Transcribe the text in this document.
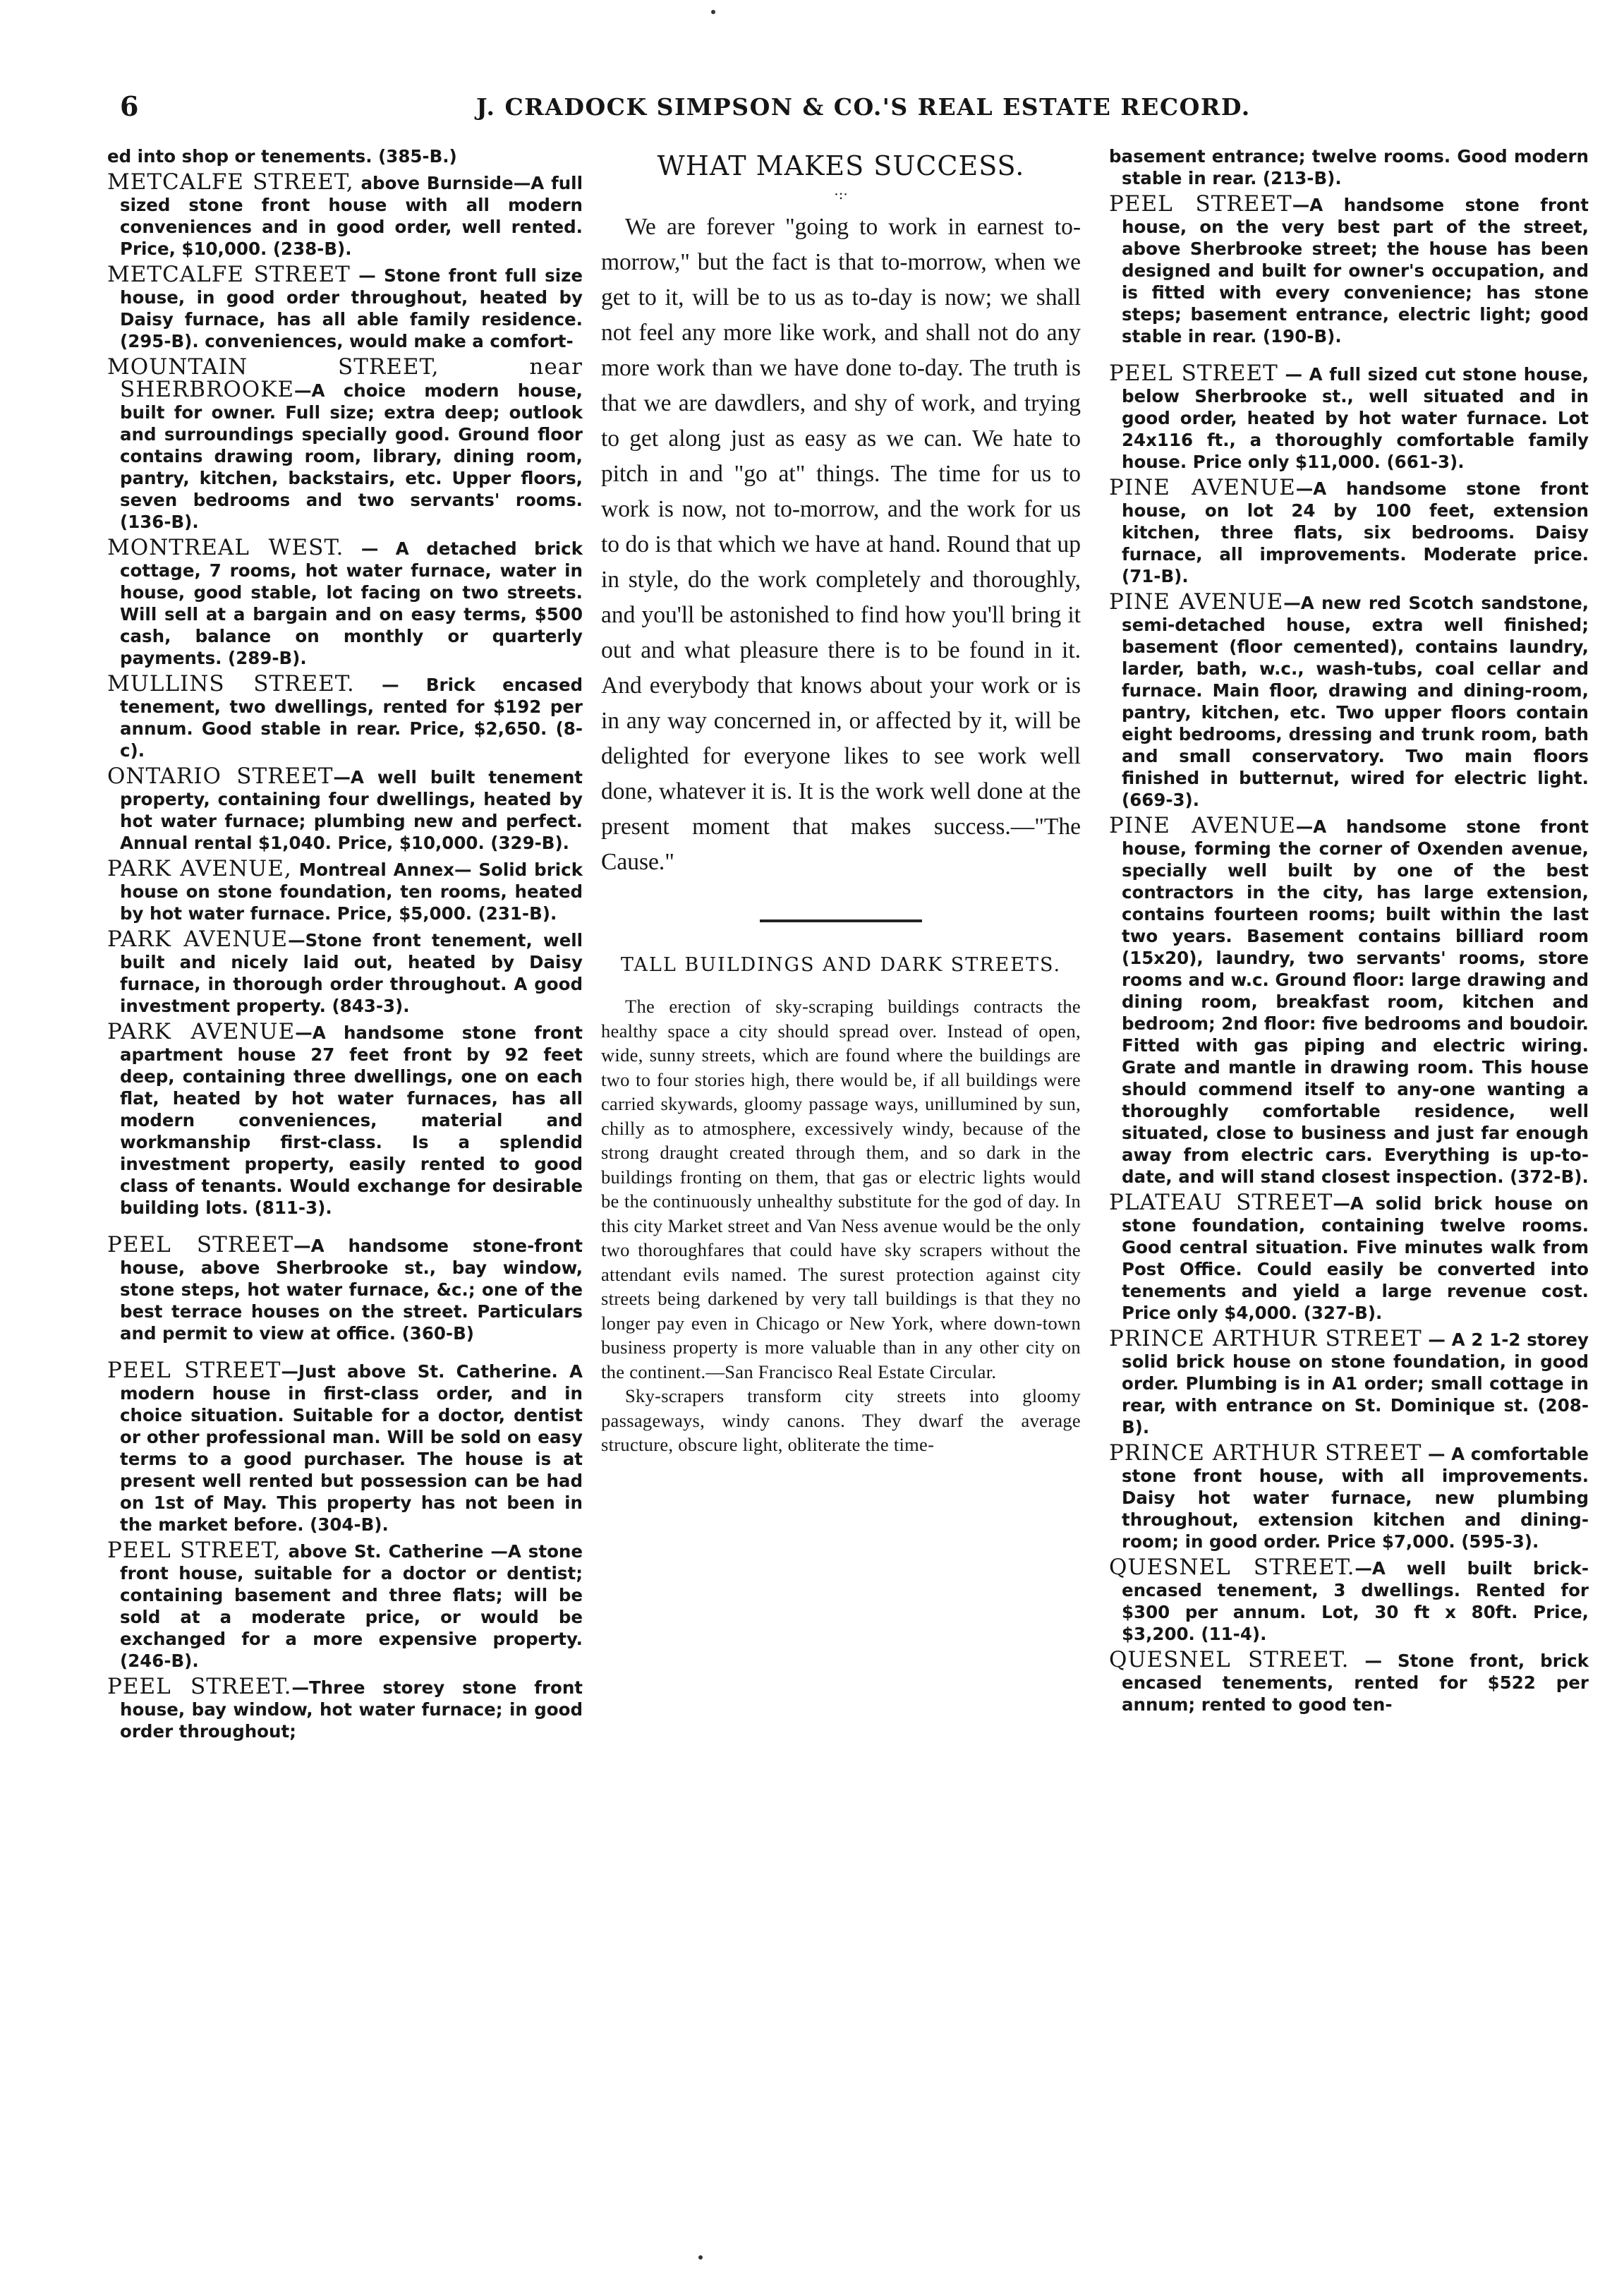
6	J. CRADOCK SIMPSON & CO.'S REAL ESTATE RECORD.

ed into shop or tenements. (385-B.)

METCALFE STREET, above Burnside—A full sized stone front house with all modern conveniences and in good order, well rented. Price, $10,000. (238-B).

METCALFE STREET — Stone front full size house, in good order throughout, heated by Daisy furnace, has all able family residence. (295-B). conveniences, would make a comfort-

MOUNTAIN STREET, near SHERBROOKE—A choice modern house, built for owner. Full size; extra deep; outlook and surroundings specially good. Ground floor contains drawing room, library, dining room, pantry, kitchen, backstairs, etc. Upper floors, seven bedrooms and two servants' rooms. (136-B).

MONTREAL WEST. — A detached brick cottage, 7 rooms, hot water furnace, water in house, good stable, lot facing on two streets. Will sell at a bargain and on easy terms, $500 cash, balance on monthly or quarterly payments. (289-B).

MULLINS STREET. — Brick encased tenement, two dwellings, rented for $192 per annum. Good stable in rear. Price, $2,650. (8-c).

ONTARIO STREET—A well built tenement property, containing four dwellings, heated by hot water furnace; plumbing new and perfect. Annual rental $1,040. Price, $10,000. (329-B).

PARK AVENUE, Montreal Annex— Solid brick house on stone foundation, ten rooms, heated by hot water furnace. Price, $5,000. (231-B).

PARK AVENUE—Stone front tenement, well built and nicely laid out, heated by Daisy furnace, in thorough order throughout. A good investment property. (843-3).

PARK AVENUE—A handsome stone front apartment house 27 feet front by 92 feet deep, containing three dwellings, one on each flat, heated by hot water furnaces, has all modern conveniences, material and workmanship first-class. Is a splendid investment property, easily rented to good class of tenants. Would exchange for desirable building lots. (811-3).

PEEL STREET—A handsome stone-front house, above Sherbrooke st., bay window, stone steps, hot water furnace, &c.; one of the best terrace houses on the street. Particulars and permit to view at office. (360-B)

PEEL STREET—Just above St. Catherine. A modern house in first-class order, and in choice situation. Suitable for a doctor, dentist or other professional man. Will be sold on easy terms to a good purchaser. The house is at present well rented but possession can be had on 1st of May. This property has not been in the market before. (304-B).

PEEL STREET, above St. Catherine —A stone front house, suitable for a doctor or dentist; containing basement and three flats; will be sold at a moderate price, or would be exchanged for a more expensive property. (246-B).

PEEL STREET.—Three storey stone front house, bay window, hot water furnace; in good order throughout;

WHAT MAKES SUCCESS.
·:·

We are forever "going to work in earnest to-morrow," but the fact is that to-morrow, when we get to it, will be to us as to-day is now; we shall not feel any more like work, and shall not do any more work than we have done to-day. The truth is that we are dawdlers, and shy of work, and trying to get along just as easy as we can. We hate to pitch in and "go at" things. The time for us to work is now, not to-morrow, and the work for us to do is that which we have at hand. Round that up in style, do the work completely and thoroughly, and you'll be astonished to find how you'll bring it out and what pleasure there is to be found in it. And everybody that knows about your work or is in any way concerned in, or affected by it, will be delighted for everyone likes to see work well done, whatever it is. It is the work well done at the present moment that makes success.—"The Cause."

TALL BUILDINGS AND DARK STREETS.

The erection of sky-scraping buildings contracts the healthy space a city should spread over. Instead of open, wide, sunny streets, which are found where the buildings are two to four stories high, there would be, if all buildings were carried skywards, gloomy passage ways, unillumined by sun, chilly as to atmosphere, excessively windy, because of the strong draught created through them, and so dark in the buildings fronting on them, that gas or electric lights would be the continuously unhealthy substitute for the god of day. In this city Market street and Van Ness avenue would be the only two thoroughfares that could have sky scrapers without the attendant evils named. The surest protection against city streets being darkened by very tall buildings is that they no longer pay even in Chicago or New York, where down-town business property is more valuable than in any other city on the continent.—San Francisco Real Estate Circular.

Sky-scrapers transform city streets into gloomy passageways, windy canons. They dwarf the average structure, obscure light, obliterate the time-

basement entrance; twelve rooms. Good modern stable in rear. (213-B).

PEEL STREET—A handsome stone front house, on the very best part of the street, above Sherbrooke street; the house has been designed and built for owner's occupation, and is fitted with every convenience; has stone steps; basement entrance, electric light; good stable in rear. (190-B).

PEEL STREET — A full sized cut stone house, below Sherbrooke st., well situated and in good order, heated by hot water furnace. Lot 24x116 ft., a thoroughly comfortable family house. Price only $11,000. (661-3).

PINE AVENUE—A handsome stone front house, on lot 24 by 100 feet, extension kitchen, three flats, six bedrooms. Daisy furnace, all improvements. Moderate price. (71-B).

PINE AVENUE—A new red Scotch sandstone, semi-detached house, extra well finished; basement (floor cemented), contains laundry, larder, bath, w.c., wash-tubs, coal cellar and furnace. Main floor, drawing and dining-room, pantry, kitchen, etc. Two upper floors contain eight bedrooms, dressing and trunk room, bath and small conservatory. Two main floors finished in butternut, wired for electric light. (669-3).

PINE AVENUE—A handsome stone front house, forming the corner of Oxenden avenue, specially well built by one of the best contractors in the city, has large extension, contains fourteen rooms; built within the last two years. Basement contains billiard room (15x20), laundry, two servants' rooms, store rooms and w.c. Ground floor: large drawing and dining room, breakfast room, kitchen and bedroom; 2nd floor: five bedrooms and boudoir. Fitted with gas piping and electric wiring. Grate and mantle in drawing room. This house should commend itself to any-one wanting a thoroughly comfortable residence, well situated, close to business and just far enough away from electric cars. Everything is up-to-date, and will stand closest inspection. (372-B).

PLATEAU STREET—A solid brick house on stone foundation, containing twelve rooms. Good central situation. Five minutes walk from Post Office. Could easily be converted into tenements and yield a large revenue cost. Price only $4,000. (327-B).

PRINCE ARTHUR STREET — A 2 1-2 storey solid brick house on stone foundation, in good order. Plumbing is in A1 order; small cottage in rear, with entrance on St. Dominique st. (208-B).

PRINCE ARTHUR STREET — A comfortable stone front house, with all improvements. Daisy hot water furnace, new plumbing throughout, extension kitchen and dining-room; in good order. Price $7,000. (595-3).

QUESNEL STREET.—A well built brick-encased tenement, 3 dwellings. Rented for $300 per annum. Lot, 30 ft x 80ft. Price, $3,200. (11-4).

QUESNEL STREET. — Stone front, brick encased tenements, rented for $522 per annum; rented to good ten-
